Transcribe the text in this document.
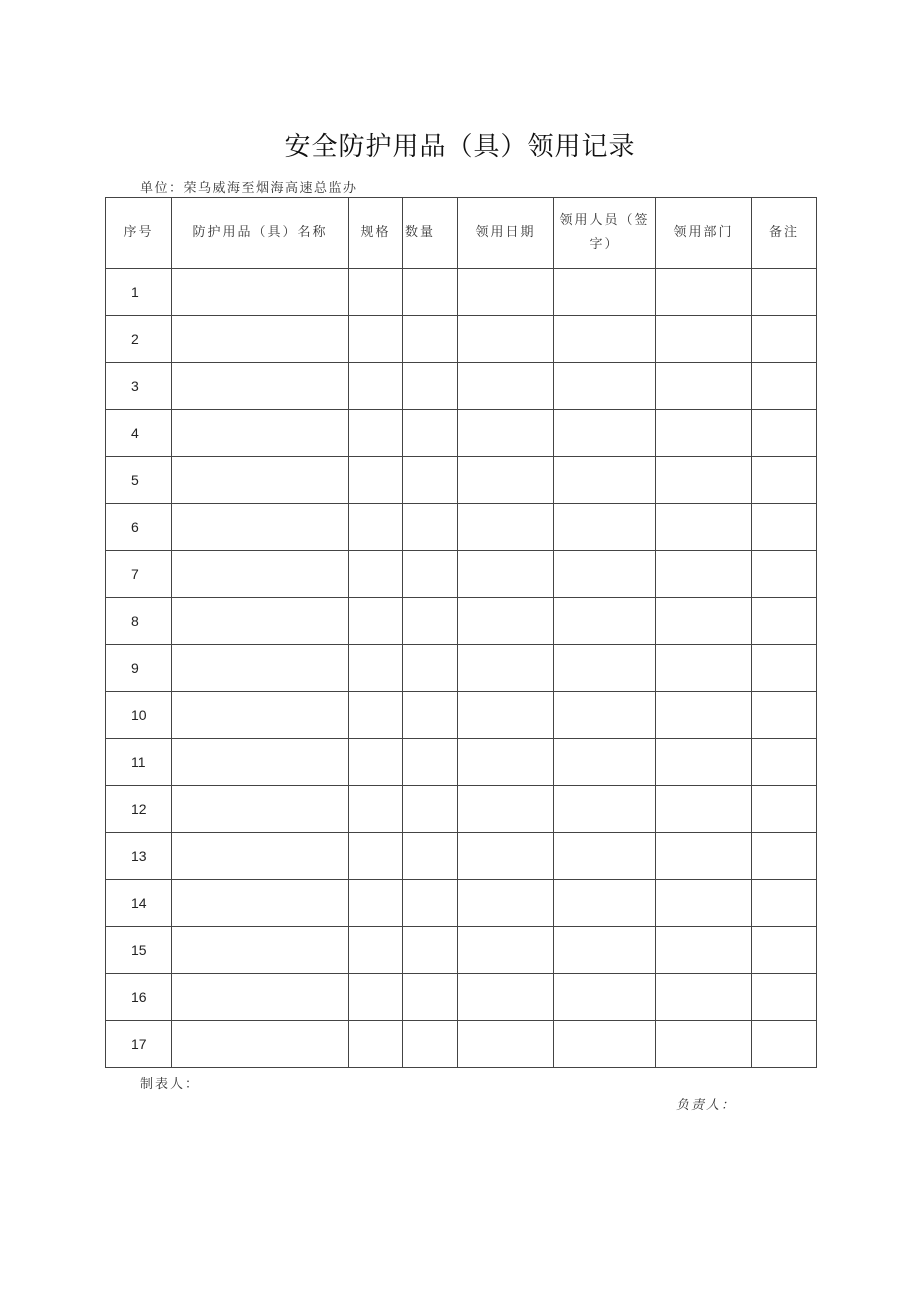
安全防护用品（具）领用记录
单位：荣乌威海至烟海高速总监办
序号	防护用品（具）名称	规格	数量	领用日期	领用人员（签字）	领用部门	备注
1							
2							
3							
4							
5							
6							
7							
8							
9							
10							
11							
12							
13							
14							
15							
16							
17							
制表人：
负责人：
